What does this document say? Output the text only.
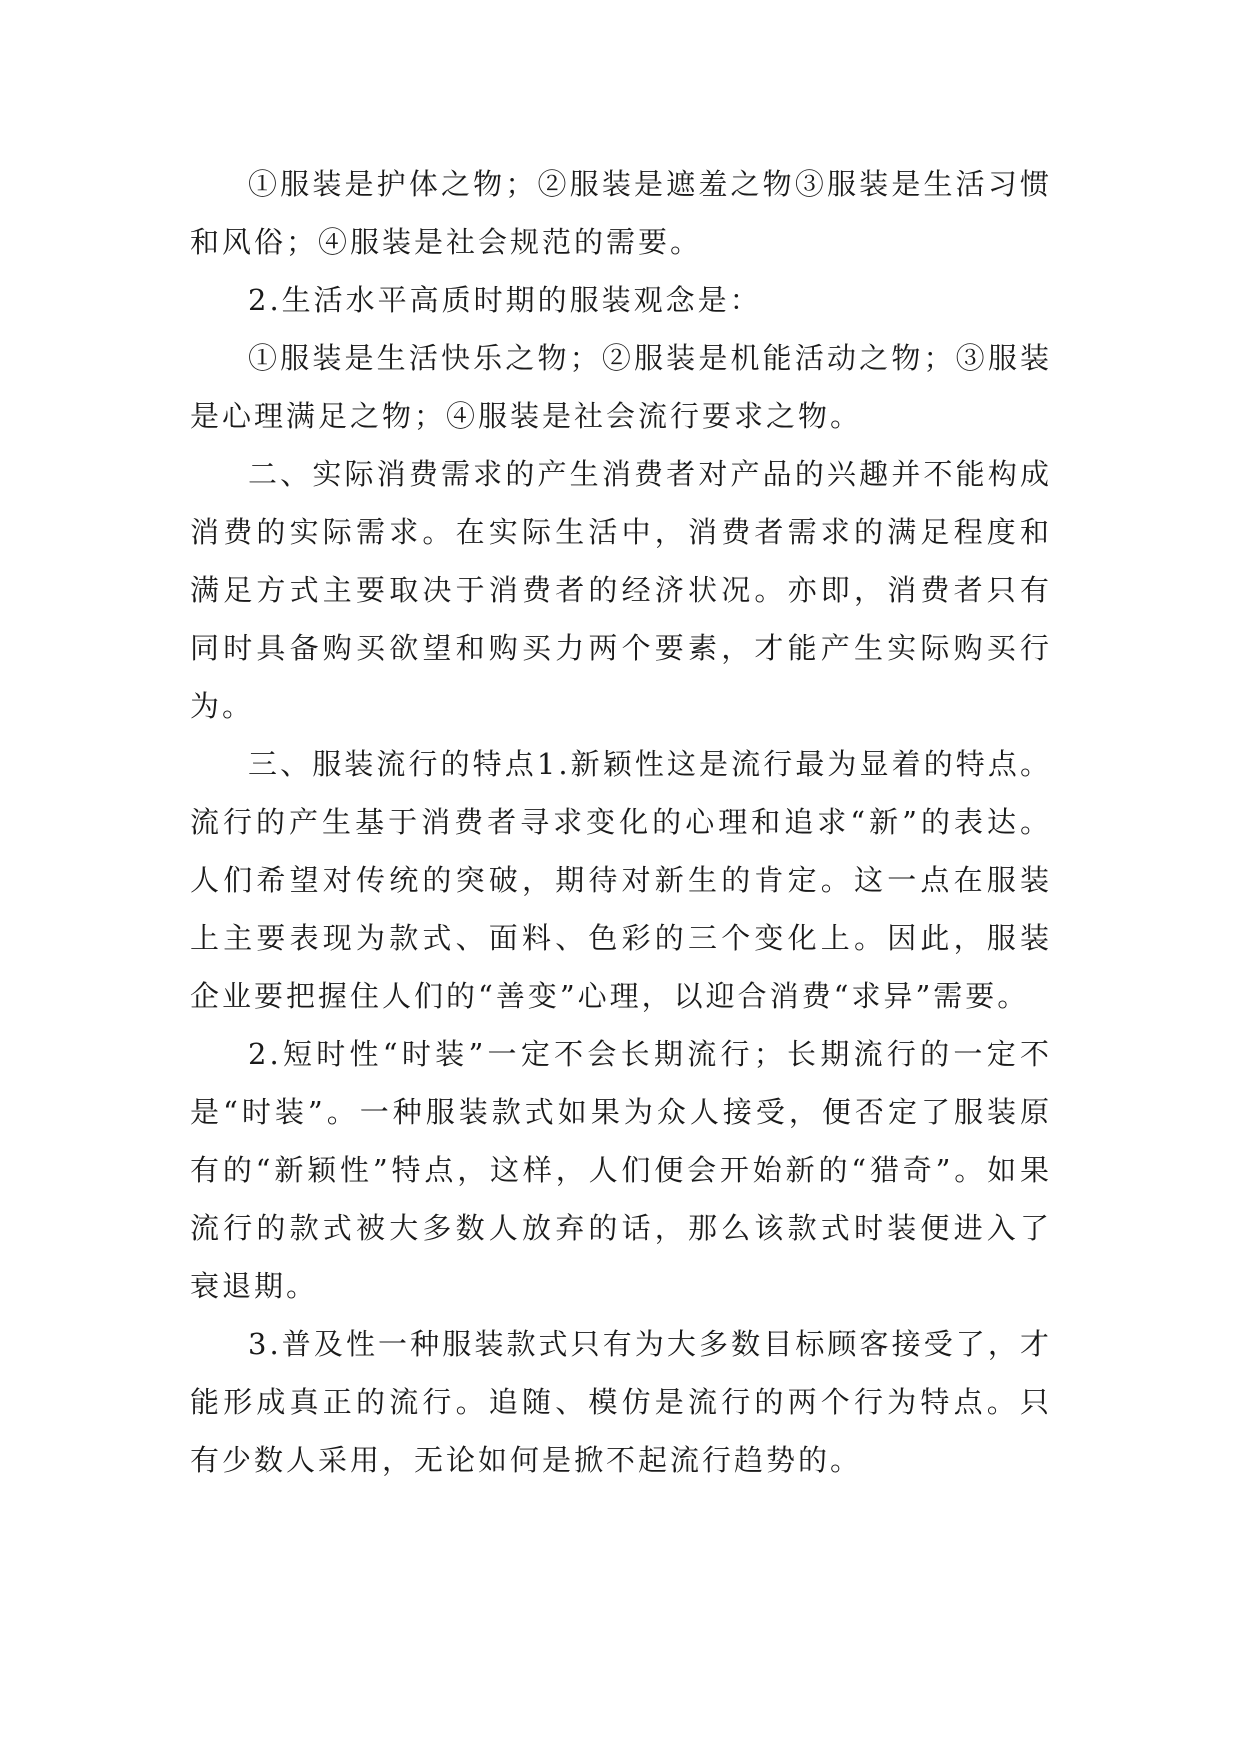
①服装是护体之物；②服装是遮羞之物③服装是生活习惯和风俗；④服装是社会规范的需要。

2.生活水平高质时期的服装观念是：

①服装是生活快乐之物；②服装是机能活动之物；③服装是心理满足之物；④服装是社会流行要求之物。

二、实际消费需求的产生消费者对产品的兴趣并不能构成消费的实际需求。在实际生活中，消费者需求的满足程度和满足方式主要取决于消费者的经济状况。亦即，消费者只有同时具备购买欲望和购买力两个要素，才能产生实际购买行为。

三、服装流行的特点1.新颖性这是流行最为显着的特点。流行的产生基于消费者寻求变化的心理和追求“新”的表达。人们希望对传统的突破，期待对新生的肯定。这一点在服装上主要表现为款式、面料、色彩的三个变化上。因此，服装企业要把握住人们的“善变”心理，以迎合消费“求异”需要。

2.短时性“时装”一定不会长期流行；长期流行的一定不是“时装”。一种服装款式如果为众人接受，便否定了服装原有的“新颖性”特点，这样，人们便会开始新的“猎奇”。如果流行的款式被大多数人放弃的话，那么该款式时装便进入了衰退期。

3.普及性一种服装款式只有为大多数目标顾客接受了，才能形成真正的流行。追随、模仿是流行的两个行为特点。只有少数人采用，无论如何是掀不起流行趋势的。
